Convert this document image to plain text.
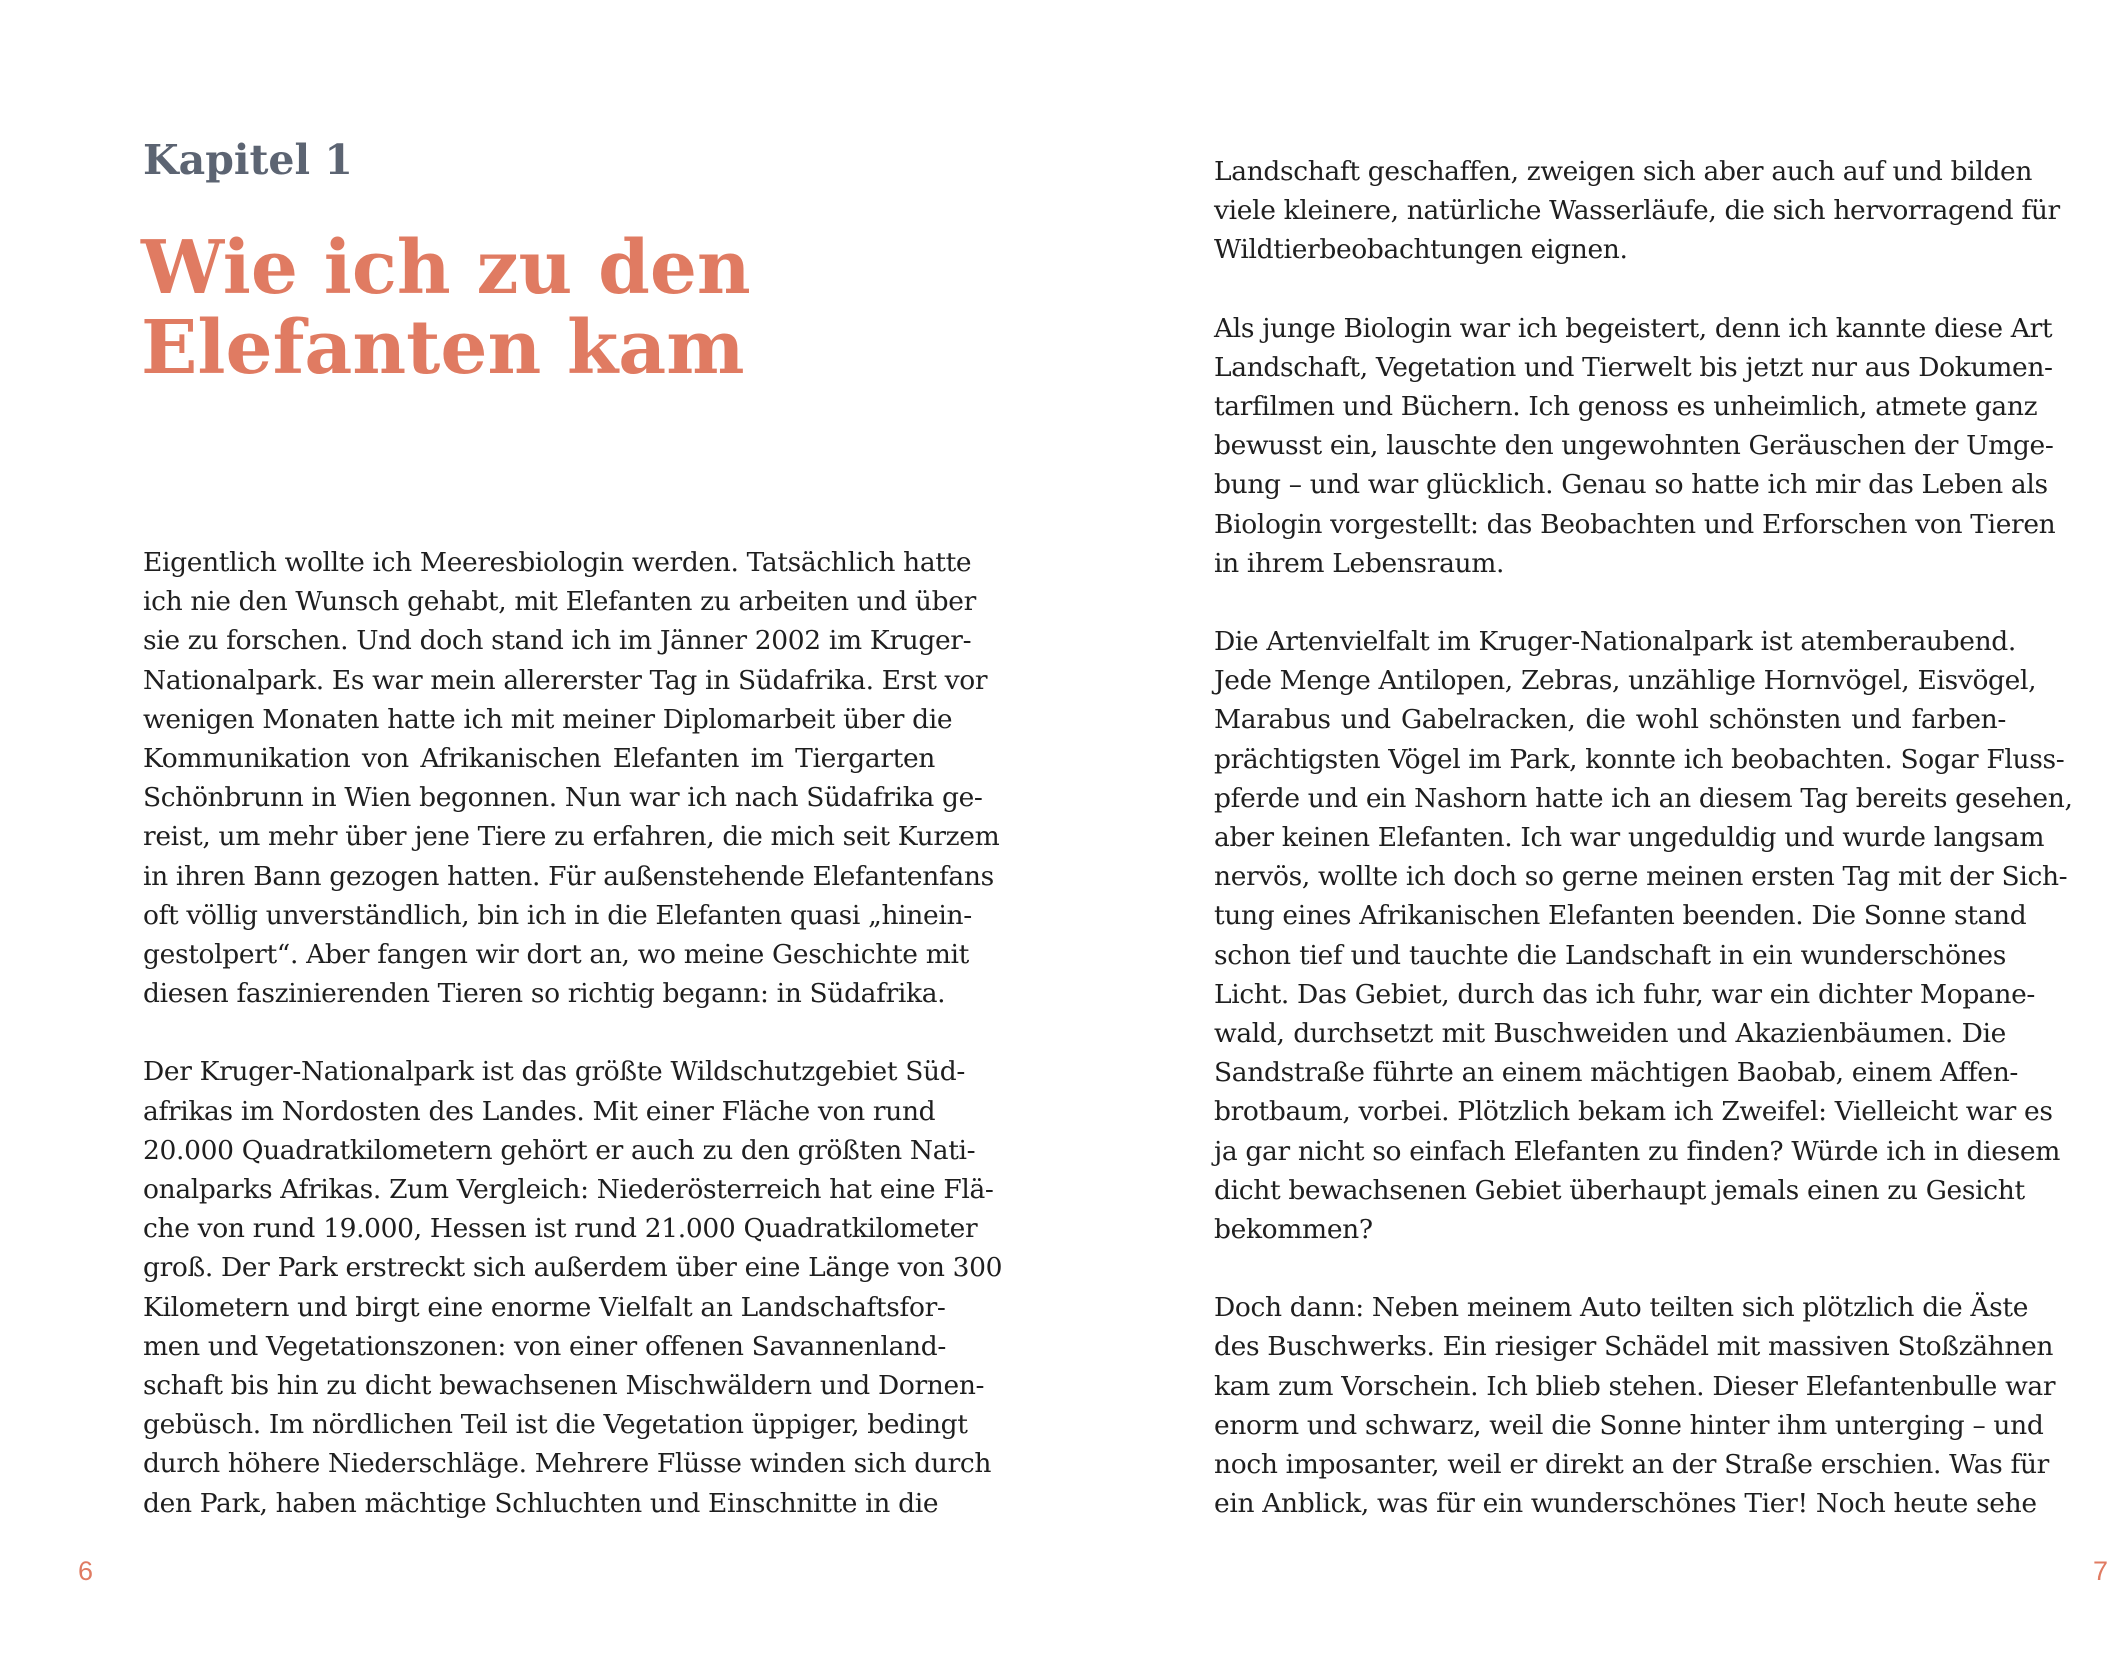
Kapitel 1
Wie ich zu den
Elefanten kam

Eigentlich wollte ich Meeresbiologin werden. Tatsächlich hatte
ich nie den Wunsch gehabt, mit Elefanten zu arbeiten und über
sie zu forschen. Und doch stand ich im Jänner 2002 im Kruger-
Nationalpark. Es war mein allererster Tag in Südafrika. Erst vor
wenigen Monaten hatte ich mit meiner Diplomarbeit über die
Kommunikation von Afrikanischen Elefanten im Tiergarten
Schönbrunn in Wien begonnen. Nun war ich nach Südafrika ge-
reist, um mehr über jene Tiere zu erfahren, die mich seit Kurzem
in ihren Bann gezogen hatten. Für außenstehende Elefantenfans
oft völlig unverständlich, bin ich in die Elefanten quasi „hinein-
gestolpert“. Aber fangen wir dort an, wo meine Geschichte mit
diesen faszinierenden Tieren so richtig begann: in Südafrika.

Der Kruger-Nationalpark ist das größte Wildschutzgebiet Süd-
afrikas im Nordosten des Landes. Mit einer Fläche von rund
20.000 Quadratkilometern gehört er auch zu den größten Nati-
onalparks Afrikas. Zum Vergleich: Niederösterreich hat eine Flä-
che von rund 19.000, Hessen ist rund 21.000 Quadratkilometer
groß. Der Park erstreckt sich außerdem über eine Länge von 300
Kilometern und birgt eine enorme Vielfalt an Landschaftsfor-
men und Vegetationszonen: von einer offenen Savannenland-
schaft bis hin zu dicht bewachsenen Mischwäldern und Dornen-
gebüsch. Im nördlichen Teil ist die Vegetation üppiger, bedingt
durch höhere Niederschläge. Mehrere Flüsse winden sich durch
den Park, haben mächtige Schluchten und Einschnitte in die

6

Landschaft geschaffen, zweigen sich aber auch auf und bilden
viele kleinere, natürliche Wasserläufe, die sich hervorragend für
Wildtierbeobachtungen eignen.

Als junge Biologin war ich begeistert, denn ich kannte diese Art
Landschaft, Vegetation und Tierwelt bis jetzt nur aus Dokumen-
tarfilmen und Büchern. Ich genoss es unheimlich, atmete ganz
bewusst ein, lauschte den ungewohnten Geräuschen der Umge-
bung – und war glücklich. Genau so hatte ich mir das Leben als
Biologin vorgestellt: das Beobachten und Erforschen von Tieren
in ihrem Lebensraum.

Die Artenvielfalt im Kruger-Nationalpark ist atemberaubend.
Jede Menge Antilopen, Zebras, unzählige Hornvögel, Eisvögel,
Marabus und Gabelracken, die wohl schönsten und farben-
prächtigsten Vögel im Park, konnte ich beobachten. Sogar Fluss-
pferde und ein Nashorn hatte ich an diesem Tag bereits gesehen,
aber keinen Elefanten. Ich war ungeduldig und wurde langsam
nervös, wollte ich doch so gerne meinen ersten Tag mit der Sich-
tung eines Afrikanischen Elefanten beenden. Die Sonne stand
schon tief und tauchte die Landschaft in ein wunderschönes
Licht. Das Gebiet, durch das ich fuhr, war ein dichter Mopane-
wald, durchsetzt mit Buschweiden und Akazienbäumen. Die
Sandstraße führte an einem mächtigen Baobab, einem Affen-
brotbaum, vorbei. Plötzlich bekam ich Zweifel: Vielleicht war es
ja gar nicht so einfach Elefanten zu finden? Würde ich in diesem
dicht bewachsenen Gebiet überhaupt jemals einen zu Gesicht
bekommen?

Doch dann: Neben meinem Auto teilten sich plötzlich die Äste
des Buschwerks. Ein riesiger Schädel mit massiven Stoßzähnen
kam zum Vorschein. Ich blieb stehen. Dieser Elefantenbulle war
enorm und schwarz, weil die Sonne hinter ihm unterging – und
noch imposanter, weil er direkt an der Straße erschien. Was für
ein Anblick, was für ein wunderschönes Tier! Noch heute sehe

7
